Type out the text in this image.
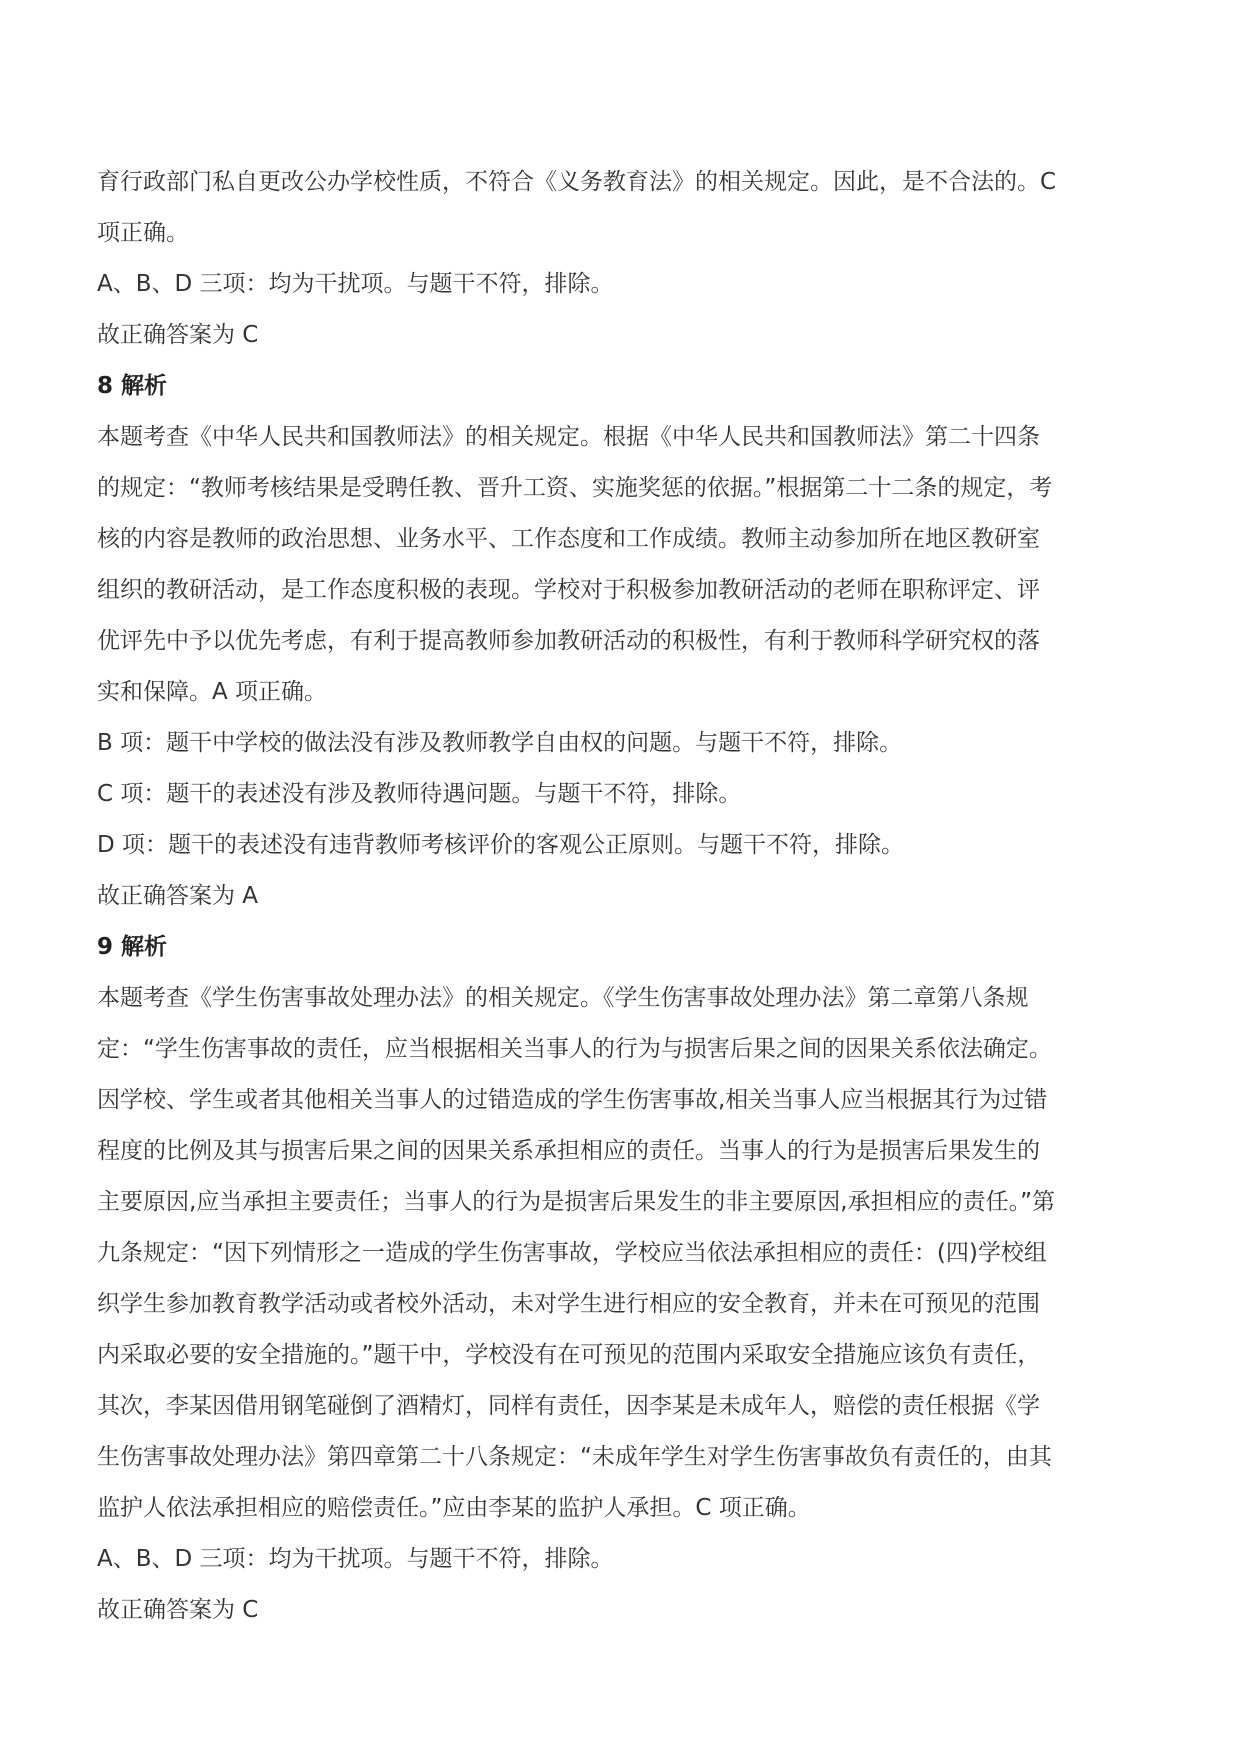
育行政部门私自更改公办学校性质，不符合《义务教育法》的相关规定。因此，是不合法的。C

项正确。

A、B、D 三项：均为干扰项。与题干不符，排除。

故正确答案为 C

8 解析

本题考查《中华人民共和国教师法》的相关规定。根据《中华人民共和国教师法》第二十四条

的规定：“教师考核结果是受聘任教、晋升工资、实施奖惩的依据。”根据第二十二条的规定，考

核的内容是教师的政治思想、业务水平、工作态度和工作成绩。教师主动参加所在地区教研室

组织的教研活动，是工作态度积极的表现。学校对于积极参加教研活动的老师在职称评定、评

优评先中予以优先考虑，有利于提高教师参加教研活动的积极性，有利于教师科学研究权的落

实和保障。A 项正确。

B 项：题干中学校的做法没有涉及教师教学自由权的问题。与题干不符，排除。

C 项：题干的表述没有涉及教师待遇问题。与题干不符，排除。

D 项：题干的表述没有违背教师考核评价的客观公正原则。与题干不符，排除。

故正确答案为 A

9 解析

本题考查《学生伤害事故处理办法》的相关规定。《学生伤害事故处理办法》第二章第八条规

定：“学生伤害事故的责任，应当根据相关当事人的行为与损害后果之间的因果关系依法确定。

因学校、学生或者其他相关当事人的过错造成的学生伤害事故,相关当事人应当根据其行为过错

程度的比例及其与损害后果之间的因果关系承担相应的责任。当事人的行为是损害后果发生的

主要原因,应当承担主要责任；当事人的行为是损害后果发生的非主要原因,承担相应的责任。”第

九条规定：“因下列情形之一造成的学生伤害事故，学校应当依法承担相应的责任：(四)学校组

织学生参加教育教学活动或者校外活动，未对学生进行相应的安全教育，并未在可预见的范围

内采取必要的安全措施的。”题干中，学校没有在可预见的范围内采取安全措施应该负有责任，

其次，李某因借用钢笔碰倒了酒精灯，同样有责任，因李某是未成年人，赔偿的责任根据《学

生伤害事故处理办法》第四章第二十八条规定：“未成年学生对学生伤害事故负有责任的，由其

监护人依法承担相应的赔偿责任。”应由李某的监护人承担。C 项正确。

A、B、D 三项：均为干扰项。与题干不符，排除。

故正确答案为 C
